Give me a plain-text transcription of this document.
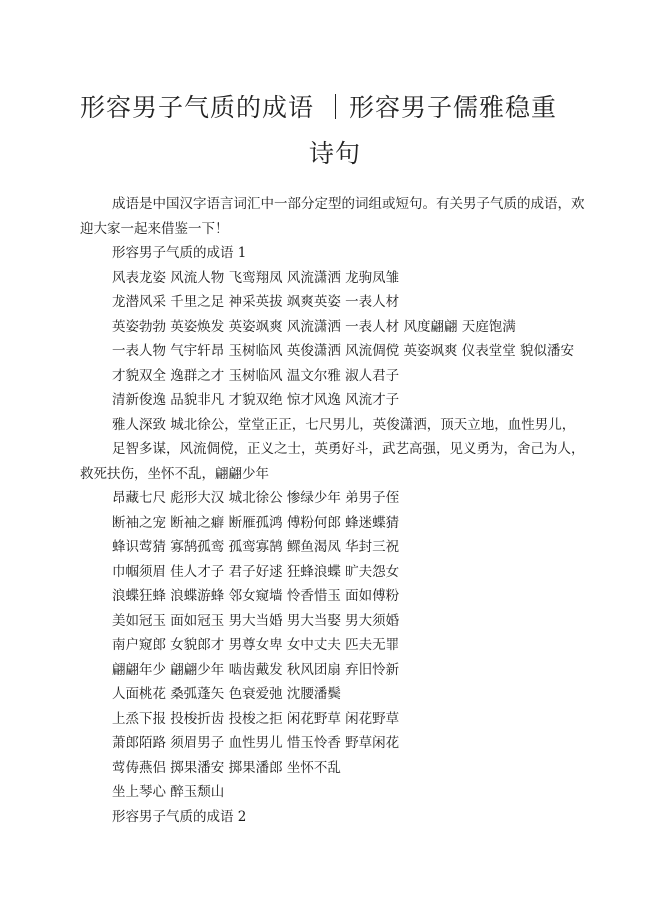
形容男子气质的成语 ｜形容男子儒雅稳重
诗句

成语是中国汉字语言词汇中一部分定型的词组或短句。有关男子气质的成语，欢迎大家一起来借鉴一下！

形容男子气质的成语 1

风表龙姿 风流人物 飞鸾翔凤 风流潇洒 龙驹凤雏

龙潜风采 千里之足 神采英拔 飒爽英姿 一表人材

英姿勃勃 英姿焕发 英姿飒爽 风流潇洒 一表人材 风度翩翩 天庭饱满

一表人物 气宇轩昂 玉树临风 英俊潇洒 风流倜傥 英姿飒爽 仪表堂堂 貌似潘安

才貌双全 逸群之才 玉树临风 温文尔雅 淑人君子

清新俊逸 品貌非凡 才貌双绝 惊才风逸 风流才子

雅人深致 城北徐公，堂堂正正，七尺男儿，英俊潇洒，顶天立地，血性男儿，

足智多谋，风流倜傥，正义之士，英勇好斗，武艺高强，见义勇为，舍己为人，救死扶伤，坐怀不乱，翩翩少年

昂藏七尺 彪形大汉 城北徐公 惨绿少年 弟男子侄

断袖之宠 断袖之癖 断雁孤鸿 傅粉何郎 蜂迷蝶猜

蜂识莺猜 寡鹄孤鸾 孤鸾寡鹄 鳏鱼渴凤 华封三祝

巾帼须眉 佳人才子 君子好逑 狂蜂浪蝶 旷夫怨女

浪蝶狂蜂 浪蝶游蜂 邻女窥墙 怜香惜玉 面如傅粉

美如冠玉 面如冠玉 男大当婚 男大当娶 男大须婚

南户窥郎 女貌郎才 男尊女卑 女中丈夫 匹夫无罪

翩翩年少 翩翩少年 啮齿戴发 秋风团扇 弃旧怜新

人面桃花 桑弧蓬矢 色衰爱弛 沈腰潘鬓

上烝下报 投梭折齿 投梭之拒 闲花野草 闲花野草

萧郎陌路 须眉男子 血性男儿 惜玉怜香 野草闲花

莺俦燕侣 掷果潘安 掷果潘郎 坐怀不乱

坐上琴心 醉玉颓山

形容男子气质的成语 2
